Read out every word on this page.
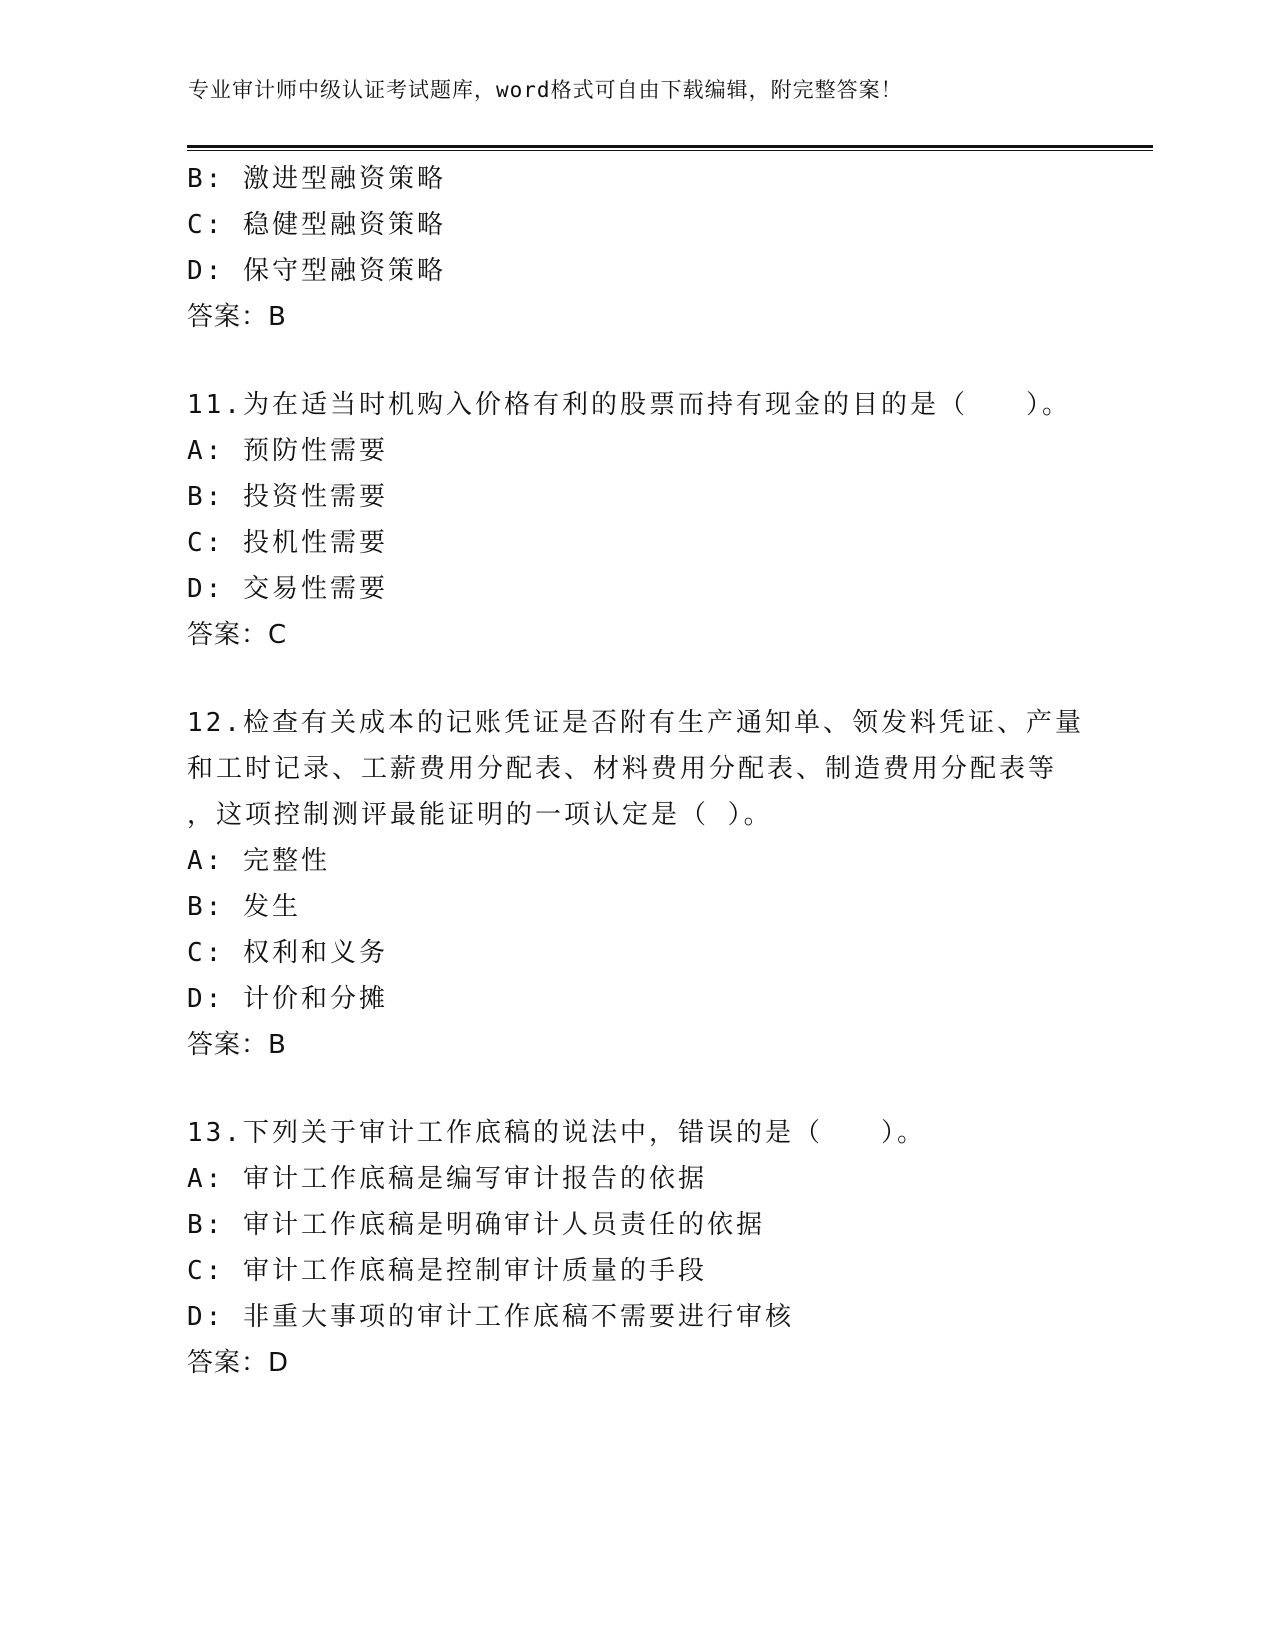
专业审计师中级认证考试题库，word格式可自由下载编辑，附完整答案！
B: 激进型融资策略
C: 稳健型融资策略
D: 保守型融资策略
答案：B
11.为在适当时机购入价格有利的股票而持有现金的目的是（　　）。
A: 预防性需要
B: 投资性需要
C: 投机性需要
D: 交易性需要
答案：C
12.检查有关成本的记账凭证是否附有生产通知单、领发料凭证、产量
和工时记录、工薪费用分配表、材料费用分配表、制造费用分配表等
，这项控制测评最能证明的一项认定是（ ）。
A: 完整性
B: 发生
C: 权利和义务
D: 计价和分摊
答案：B
13.下列关于审计工作底稿的说法中，错误的是（　　）。
A: 审计工作底稿是编写审计报告的依据
B: 审计工作底稿是明确审计人员责任的依据
C: 审计工作底稿是控制审计质量的手段
D: 非重大事项的审计工作底稿不需要进行审核
答案：D
